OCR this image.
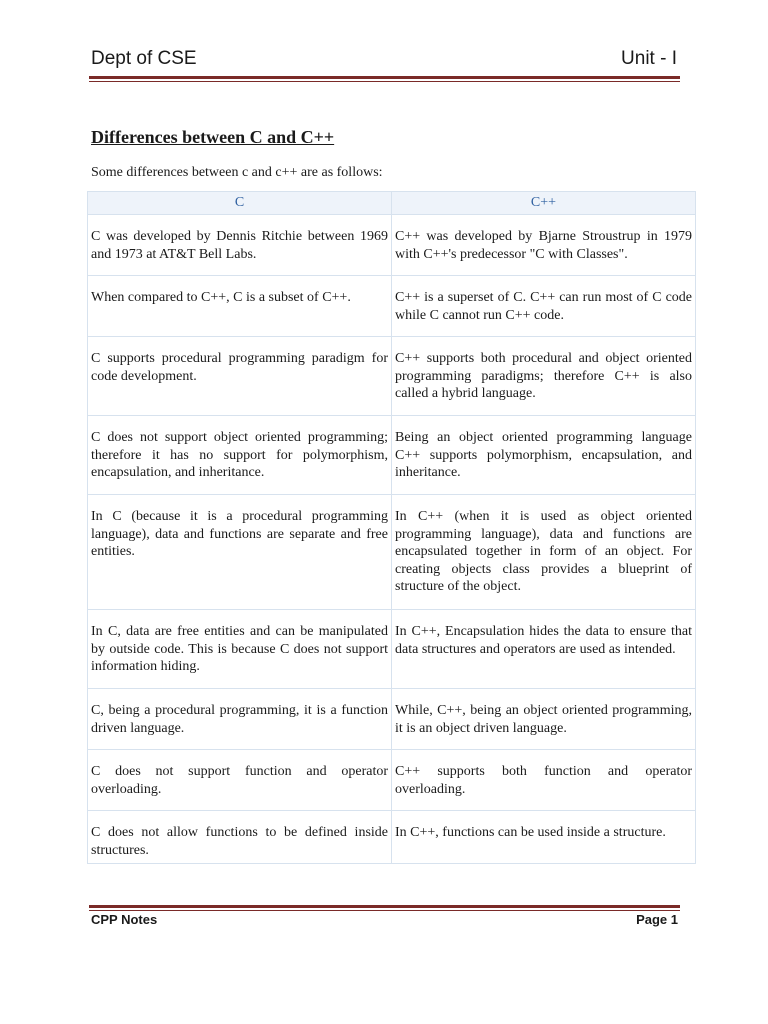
Dept of CSE	Unit - I
Differences between C and C++
Some differences between c and c++ are as follows:
C	C++

C was developed by Dennis Ritchie between 1969 and 1973 at AT&T Bell Labs.	C++ was developed by Bjarne Stroustrup in 1979 with C++'s predecessor "C with Classes".

When compared to C++, C is a subset of C++.	C++ is a superset of C. C++ can run most of C code while C cannot run C++ code.

C supports procedural programming paradigm for code development.	C++ supports both procedural and object oriented programming paradigms; therefore C++ is also called a hybrid language.

C does not support object oriented programming; therefore it has no support for polymorphism, encapsulation, and inheritance.	Being an object oriented programming language C++ supports polymorphism, encapsulation, and inheritance.

In C (because it is a procedural programming language), data and functions are separate and free entities.	In C++ (when it is used as object oriented programming language), data and functions are encapsulated together in form of an object. For creating objects class provides a blueprint of structure of the object.

In C, data are free entities and can be manipulated by outside code. This is because C does not support information hiding.	In C++, Encapsulation hides the data to ensure that data structures and operators are used as intended.

C, being a procedural programming, it is a function driven language.	While, C++, being an object oriented programming, it is an object driven language.

C does not support function and operator overloading.	C++ supports both function and operator overloading.

C does not allow functions to be defined inside structures.	In C++, functions can be used inside a structure.
CPP Notes	Page 1
